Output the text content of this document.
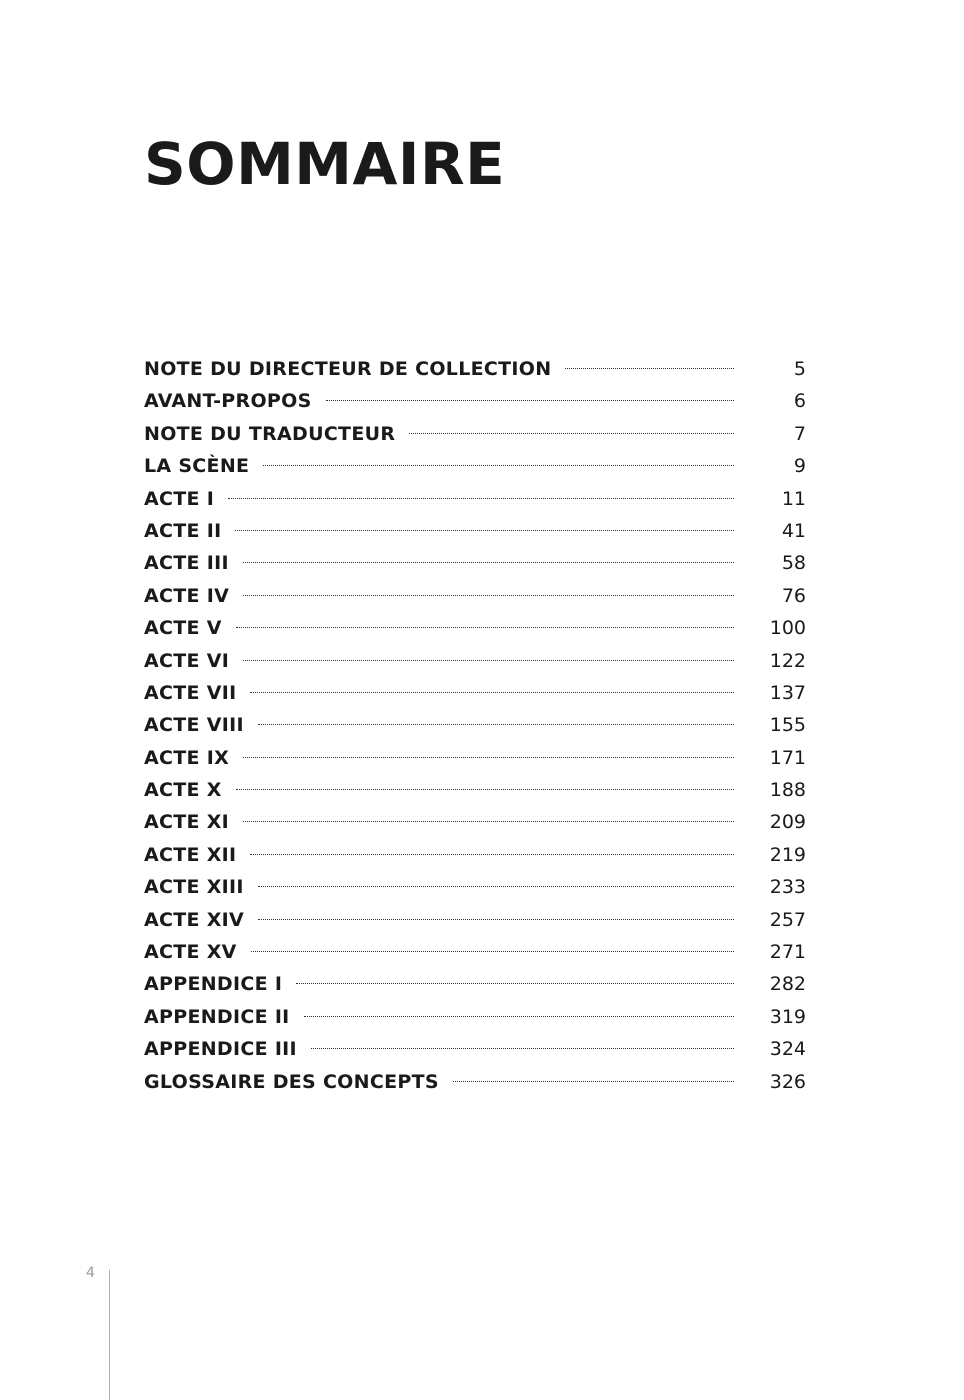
SOMMAIRE
NOTE DU DIRECTEUR DE COLLECTION	5
AVANT-PROPOS	6
NOTE DU TRADUCTEUR	7
LA SCÈNE	9
ACTE I	11
ACTE II	41
ACTE III	58
ACTE IV	76
ACTE V	100
ACTE VI	122
ACTE VII	137
ACTE VIII	155
ACTE IX	171
ACTE X	188
ACTE XI	209
ACTE XII	219
ACTE XIII	233
ACTE XIV	257
ACTE XV	271
APPENDICE I	282
APPENDICE II	319
APPENDICE III	324
GLOSSAIRE DES CONCEPTS	326
4
